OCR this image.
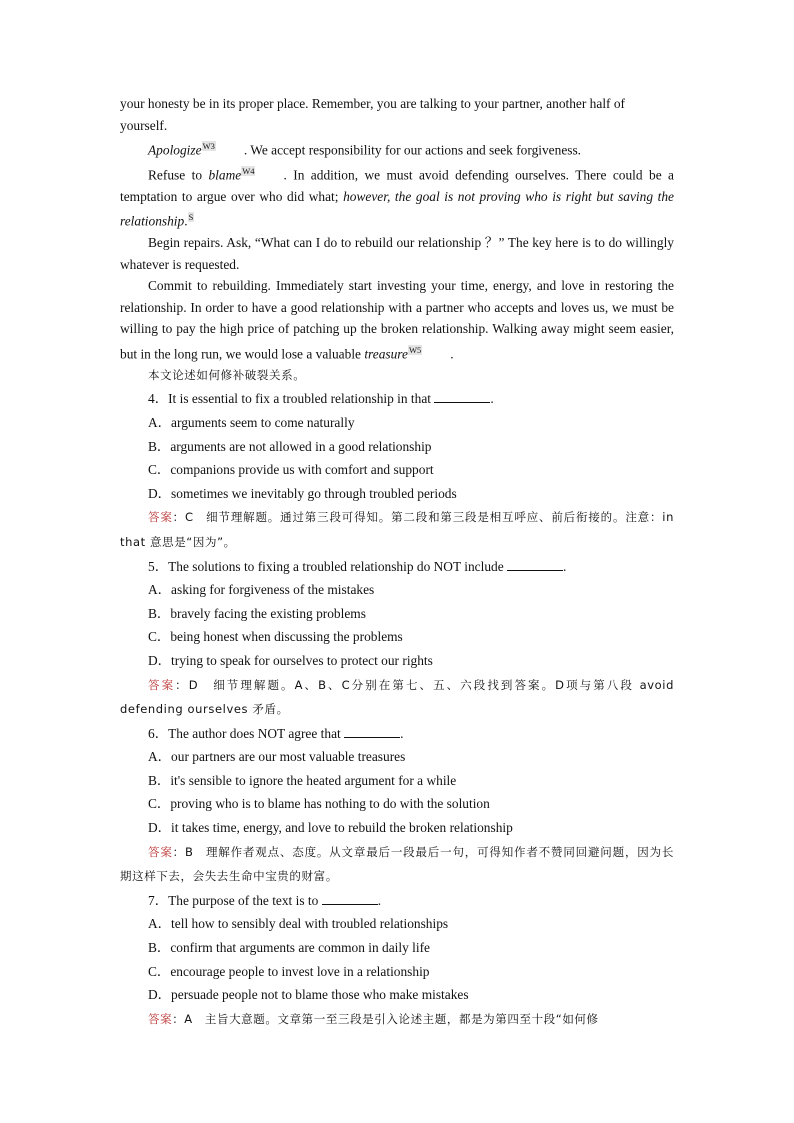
your honesty be in its proper place. Remember, you are talking to your partner, another half of
yourself.

Apologize$^{W3}$ . We accept responsibility for our actions and seek forgiveness.

Refuse to blame$^{W4}$ . In addition, we must avoid defending ourselves. There could be a temptation to argue over who did what; however, the goal is not proving who is right but saving the relationship.$^S$

Begin repairs. Ask, “What can I do to rebuild our relationship ？” The key here is to do willingly whatever is requested.

Commit to rebuilding. Immediately start investing your time, energy, and love in restoring the relationship. In order to have a good relationship with a partner who accepts and loves us, we must be willing to pay the high price of patching up the broken relationship. Walking away might seem easier, but in the long run, we would lose a valuable treasure$^{W5}$ .

本文论述如何修补破裂关系。

4．It is essential to fix a troubled relationship in that	.

A．arguments seem to come naturally

B．arguments are not allowed in a good relationship

C．companions provide us with comfort and support

D．sometimes we inevitably go through troubled periods

答案：C　细节理解题。通过第三段可得知。第二段和第三段是相互呼应、前后衔接的。注意：in that 意思是“因为”。

5．The solutions to fixing a troubled relationship do NOT include	.

A．asking for forgiveness of the mistakes

B．bravely facing the existing problems

C．being honest when discussing the problems

D．trying to speak for ourselves to protect our rights

答案：D　细节理解题。A、B、C分别在第七、五、六段找到答案。D项与第八段 avoid defending ourselves 矛盾。

6．The author does NOT agree that	.

A．our partners are our most valuable treasures

B．it's sensible to ignore the heated argument for a while

C．proving who is to blame has nothing to do with the solution

D．it takes time, energy, and love to rebuild the broken relationship

答案：B　理解作者观点、态度。从文章最后一段最后一句，可得知作者不赞同回避问题，因为长期这样下去，会失去生命中宝贵的财富。

7．The purpose of the text is to	.

A．tell how to sensibly deal with troubled relationships

B．confirm that arguments are common in daily life

C．encourage people to invest love in a relationship

D．persuade people not to blame those who make mistakes

答案：A　主旨大意题。文章第一至三段是引入论述主题，都是为第四至十段“如何修
